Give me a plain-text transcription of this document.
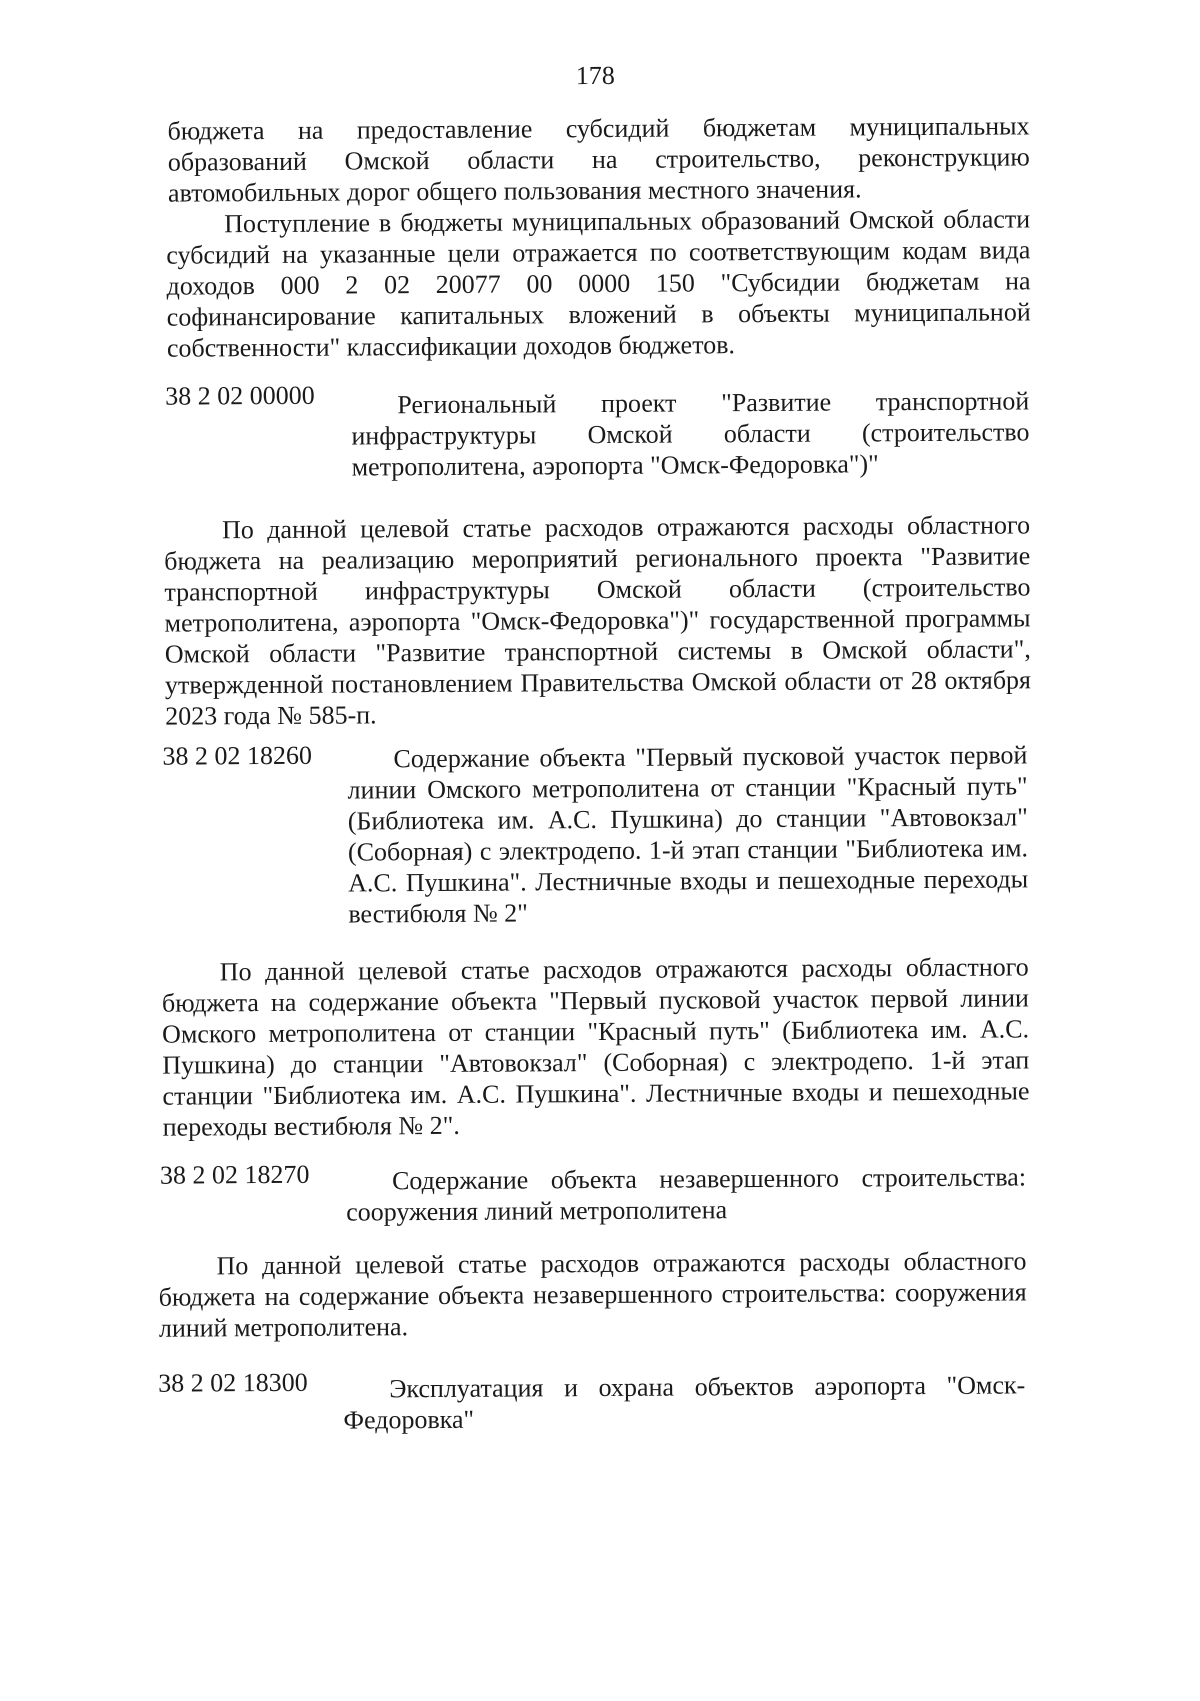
178

бюджета на предоставление субсидий бюджетам муниципальных образований Омской области на строительство, реконструкцию автомобильных дорог общего пользования местного значения.

Поступление в бюджеты муниципальных образований Омской области субсидий на указанные цели отражается по соответствующим кодам вида доходов 000 2 02 20077 00 0000 150 "Субсидии бюджетам на софинансирование капитальных вложений в объекты муниципальной собственности" классификации доходов бюджетов.

38 2 02 00000	Региональный проект "Развитие транспортной инфраструктуры Омской области (строительство метрополитена, аэропорта "Омск-Федоровка")"

По данной целевой статье расходов отражаются расходы областного бюджета на реализацию мероприятий регионального проекта "Развитие транспортной инфраструктуры Омской области (строительство метрополитена, аэропорта "Омск-Федоровка")" государственной программы Омской области "Развитие транспортной системы в Омской области", утвержденной постановлением Правительства Омской области от 28 октября 2023 года № 585-п.

38 2 02 18260	Содержание объекта "Первый пусковой участок первой линии Омского метрополитена от станции "Красный путь" (Библиотека им. А.С. Пушкина) до станции "Автовокзал" (Соборная) с электродепо. 1-й этап станции "Библиотека им. А.С. Пушкина". Лестничные входы и пешеходные переходы вестибюля № 2"

По данной целевой статье расходов отражаются расходы областного бюджета на содержание объекта "Первый пусковой участок первой линии Омского метрополитена от станции "Красный путь" (Библиотека им. А.С. Пушкина) до станции "Автовокзал" (Соборная) с электродепо. 1-й этап станции "Библиотека им. А.С. Пушкина". Лестничные входы и пешеходные переходы вестибюля № 2".

38 2 02 18270	Содержание объекта незавершенного строительства: сооружения линий метрополитена

По данной целевой статье расходов отражаются расходы областного бюджета на содержание объекта незавершенного строительства: сооружения линий метрополитена.

38 2 02 18300	Эксплуатация и охрана объектов аэропорта "Омск-Федоровка"
